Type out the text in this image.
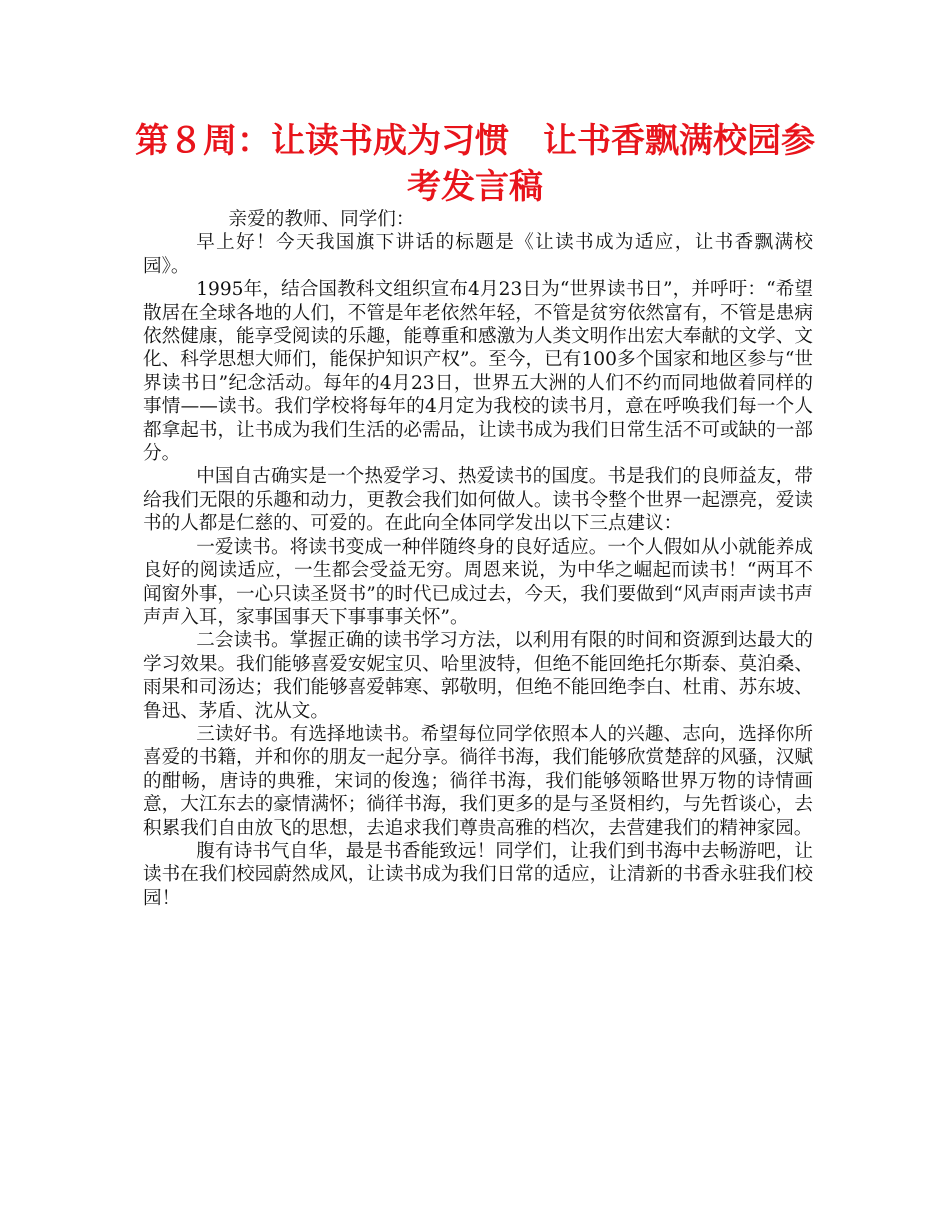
第８周：让读书成为习惯　让书香飘满校园参考发言稿

亲爱的教师、同学们：

早上好！今天我国旗下讲话的标题是《让读书成为适应，让书香飘满校园》。

1995年，结合国教科文组织宣布4月23日为“世界读书日”，并呼吁：“希望散居在全球各地的人们，不管是年老依然年轻，不管是贫穷依然富有，不管是患病依然健康，能享受阅读的乐趣，能尊重和感激为人类文明作出宏大奉献的文学、文化、科学思想大师们，能保护知识产权”。至今，已有100多个国家和地区参与“世界读书日”纪念活动。每年的4月23日，世界五大洲的人们不约而同地做着同样的事情——读书。我们学校将每年的4月定为我校的读书月，意在呼唤我们每一个人都拿起书，让书成为我们生活的必需品，让读书成为我们日常生活不可或缺的一部分。

中国自古确实是一个热爱学习、热爱读书的国度。书是我们的良师益友，带给我们无限的乐趣和动力，更教会我们如何做人。读书令整个世界一起漂亮，爱读书的人都是仁慈的、可爱的。在此向全体同学发出以下三点建议：

一爱读书。将读书变成一种伴随终身的良好适应。一个人假如从小就能养成良好的阅读适应，一生都会受益无穷。周恩来说，为中华之崛起而读书！“两耳不闻窗外事，一心只读圣贤书”的时代已成过去，今天，我们要做到“风声雨声读书声声声入耳，家事国事天下事事事关怀”。

二会读书。掌握正确的读书学习方法，以利用有限的时间和资源到达最大的学习效果。我们能够喜爱安妮宝贝、哈里波特，但绝不能回绝托尔斯泰、莫泊桑、雨果和司汤达；我们能够喜爱韩寒、郭敬明，但绝不能回绝李白、杜甫、苏东坡、鲁迅、茅盾、沈从文。

三读好书。有选择地读书。希望每位同学依照本人的兴趣、志向，选择你所喜爱的书籍，并和你的朋友一起分享。徜徉书海，我们能够欣赏楚辞的风骚，汉赋的酣畅，唐诗的典雅，宋词的俊逸；徜徉书海，我们能够领略世界万物的诗情画意，大江东去的豪情满怀；徜徉书海，我们更多的是与圣贤相约，与先哲谈心，去积累我们自由放飞的思想，去追求我们尊贵高雅的档次，去营建我们的精神家园。

腹有诗书气自华，最是书香能致远！同学们，让我们到书海中去畅游吧，让读书在我们校园蔚然成风，让读书成为我们日常的适应，让清新的书香永驻我们校园！
